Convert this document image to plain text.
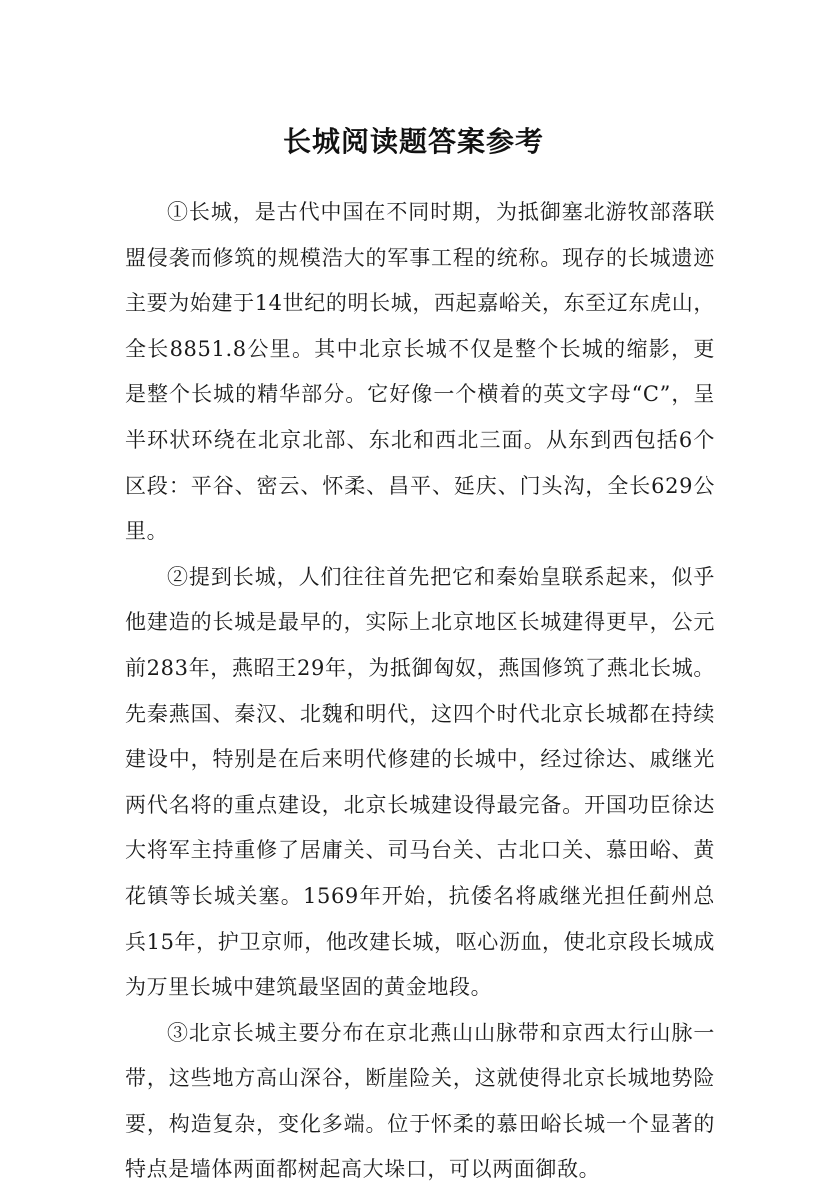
长城阅读题答案参考

①长城，是古代中国在不同时期，为抵御塞北游牧部落联盟侵袭而修筑的规模浩大的军事工程的统称。现存的长城遗迹主要为始建于14世纪的明长城，西起嘉峪关，东至辽东虎山，全长8851.8公里。其中北京长城不仅是整个长城的缩影，更是整个长城的精华部分。它好像一个横着的英文字母“C”，呈半环状环绕在北京北部、东北和西北三面。从东到西包括6个区段：平谷、密云、怀柔、昌平、延庆、门头沟，全长629公里。

②提到长城，人们往往首先把它和秦始皇联系起来，似乎他建造的长城是最早的，实际上北京地区长城建得更早，公元前283年，燕昭王29年，为抵御匈奴，燕国修筑了燕北长城。先秦燕国、秦汉、北魏和明代，这四个时代北京长城都在持续建设中，特别是在后来明代修建的长城中，经过徐达、戚继光两代名将的重点建设，北京长城建设得最完备。开国功臣徐达大将军主持重修了居庸关、司马台关、古北口关、慕田峪、黄花镇等长城关塞。1569年开始，抗倭名将戚继光担任蓟州总兵15年，护卫京师，他改建长城，呕心沥血，使北京段长城成为万里长城中建筑最坚固的黄金地段。

③北京长城主要分布在京北燕山山脉带和京西太行山脉一带，这些地方高山深谷，断崖险关，这就使得北京长城地势险要，构造复杂，变化多端。位于怀柔的慕田峪长城一个显著的特点是墙体两面都树起高大垛口，可以两面御敌。
